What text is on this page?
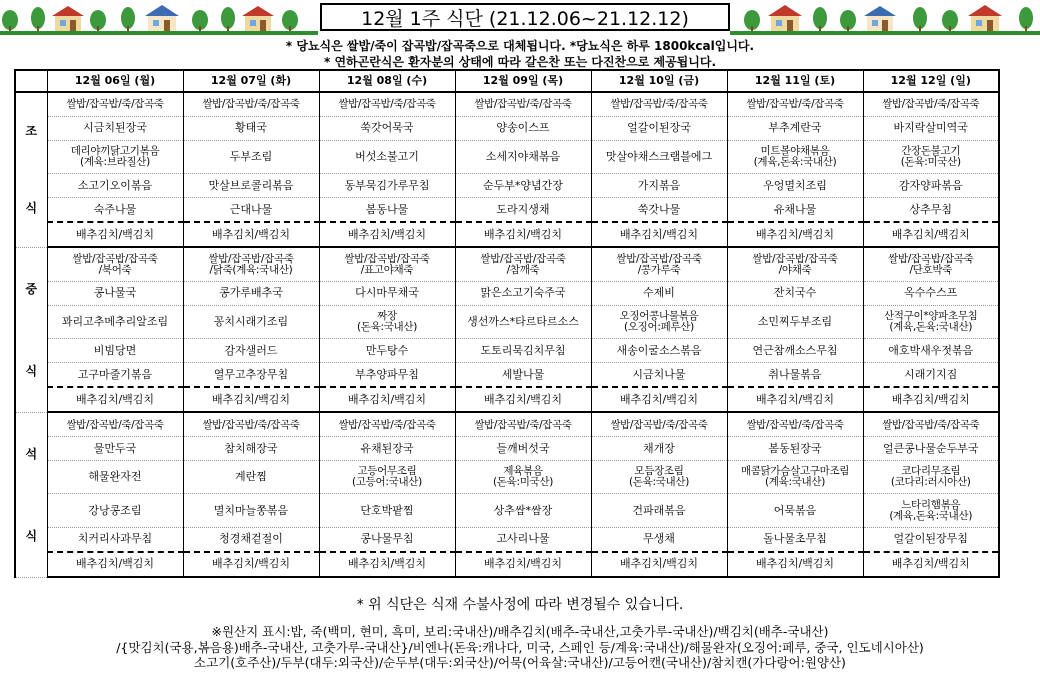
12월 1주 식단 (21.12.06~21.12.12)
* 당뇨식은 쌀밥/죽이 잡곡밥/잡곡죽으로 대체됩니다. *당뇨식은 하루 1800kcal입니다.
* 연하곤란식은 환자분의 상태에 따라 갈은찬 또는 다진찬으로 제공됩니다.
	12월 06일 (월)	12월 07일 (화)	12월 08일 (수)	12월 09일 (목)	12월 10일 (금)	12월 11일 (토)	12월 12일 (일)

조
식	쌀밥/잡곡밥/죽/잡곡죽	쌀밥/잡곡밥/죽/잡곡죽	쌀밥/잡곡밥/죽/잡곡죽	쌀밥/잡곡밥/죽/잡곡죽	쌀밥/잡곡밥/죽/잡곡죽	쌀밥/잡곡밥/죽/잡곡죽	쌀밥/잡곡밥/죽/잡곡죽
	시금치된장국	황태국	쑥갓어묵국	양송이스프	얼갈이된장국	부추계란국	바지락살미역국

	데리야끼닭고기볶음
(계육:브라질산)	두부조림	버섯소불고기	소세지야채볶음	맛살야채스크램블에그	미트볼야채볶음
(계육,돈육:국내산)	간장돈불고기
(돈육:미국산)

	소고기오이볶음	맛살브로콜리볶음	동부묵김가루무침	순두부*양념간장	가지볶음	우엉멸치조림	감자양파볶음
	숙주나물	근대나물	봄동나물	도라지생채	쑥갓나물	유채나물	상추무침
	배추김치/백김치	배추김치/백김치	배추김치/백김치	배추김치/백김치	배추김치/백김치	배추김치/백김치	배추김치/백김치

중
식	쌀밥/잡곡밥/잡곡죽
/북어죽	쌀밥/잡곡밥/잡곡죽
/닭죽(계육:국내산)	쌀밥/잡곡밥/잡곡죽
/표고야채죽	쌀밥/잡곡밥/잡곡죽
/참깨죽	쌀밥/잡곡밥/잡곡죽
/콩가루죽	쌀밥/잡곡밥/잡곡죽
/야채죽	쌀밥/잡곡밥/잡곡죽
/단호박죽

	콩나물국	콩가루배추국	다시마무채국	맑은소고기숙주국	수제비	잔치국수	옥수수스프

	꽈리고추메추리알조림	꽁치시래기조림	짜장
(돈육:국내산)	생선까스*타르타르소스	오징어콩나물볶음
(오징어:페루산)	소민찌두부조림	산적구이*양파초무침
(계육,돈육:국내산)

	비빔당면	감자샐러드	만두탕수	도토리묵김치무침	새송이굴소스볶음	연근참깨소스무침	애호박새우젓볶음
	고구마줄기볶음	열무고추장무침	부추양파무침	세발나물	시금치나물	취나물볶음	시래기지짐
	배추김치/백김치	배추김치/백김치	배추김치/백김치	배추김치/백김치	배추김치/백김치	배추김치/백김치	배추김치/백김치

석
식	쌀밥/잡곡밥/죽/잡곡죽	쌀밥/잡곡밥/죽/잡곡죽	쌀밥/잡곡밥/죽/잡곡죽	쌀밥/잡곡밥/죽/잡곡죽	쌀밥/잡곡밥/죽/잡곡죽	쌀밥/잡곡밥/죽/잡곡죽	쌀밥/잡곡밥/죽/잡곡죽
	물만두국	참치해장국	유채된장국	들깨버섯국	채개장	봄동된장국	얼큰콩나물순두부국

	해물완자전	계란찜	고등어무조림
(고등어:국내산)	제육볶음
(돈육:미국산)	모듬장조림
(돈육:국내산)	매콤닭가슴살고구마조림
(계육:국내산)	코다리무조림
(코다리:러시아산)

	강낭콩조림	멸치마늘쫑볶음	단호박팥찜	상추쌈*쌈장	건파래볶음	어묵볶음	느타리햄볶음
(계육,돈육:국내산)

	치커리사과무침	청경채겉절이	콩나물무침	고사리나물	무생채	돌나물초무침	얼갈이된장무침
	배추김치/백김치	배추김치/백김치	배추김치/백김치	배추김치/백김치	배추김치/백김치	배추김치/백김치	배추김치/백김치
* 위 식단은 식재 수불사정에 따라 변경될수 있습니다.
※원산지 표시:밥, 죽(백미, 현미, 흑미, 보리:국내산)/배추김치(배추-국내산,고춧가루-국내산)/백김치(배추-국내산)
/{맛김치(국용,볶음용)배추-국내산, 고춧가루-국내산}/비엔나(돈육:캐나다, 미국, 스페인 등/계육:국내산)/해물완자(오징어:페루, 중국, 인도네시아산)
소고기(호주산)/두부(대두:외국산)/순두부(대두:외국산)/어묵(어육살:국내산)/고등어캔(국내산)/참치캔(가다랑어:원양산)
